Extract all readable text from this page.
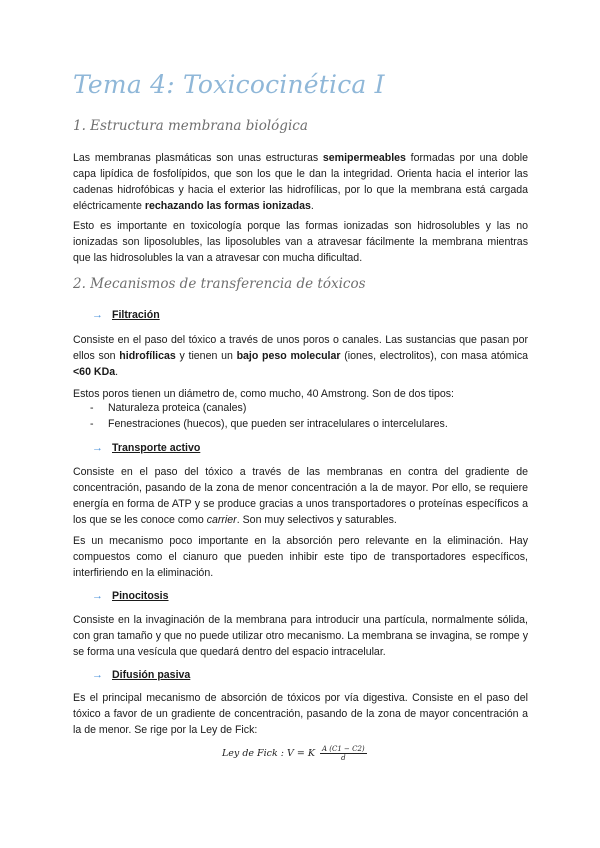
Tema 4: Toxicocinética I
1. Estructura membrana biológica
Las membranas plasmáticas son unas estructuras semipermeables formadas por una doble capa lipídica de fosfolípidos, que son los que le dan la integridad. Orienta hacia el interior las cadenas hidrofóbicas y hacia el exterior las hidrofílicas, por lo que la membrana está cargada eléctricamente rechazando las formas ionizadas.
Esto es importante en toxicología porque las formas ionizadas son hidrosolubles y las no ionizadas son liposolubles, las liposolubles van a atravesar fácilmente la membrana mientras que las hidrosolubles la van a atravesar con mucha dificultad.
2. Mecanismos de transferencia de tóxicos
→ Filtración
Consiste en el paso del tóxico a través de unos poros o canales. Las sustancias que pasan por ellos son hidrofílicas y tienen un bajo peso molecular (iones, electrolitos), con masa atómica <60 KDa.
Estos poros tienen un diámetro de, como mucho, 40 Amstrong. Son de dos tipos:
- Naturaleza proteica (canales)
- Fenestraciones (huecos), que pueden ser intracelulares o intercelulares.
→ Transporte activo
Consiste en el paso del tóxico a través de las membranas en contra del gradiente de concentración, pasando de la zona de menor concentración a la de mayor. Por ello, se requiere energía en forma de ATP y se produce gracias a unos transportadores o proteínas específicos a los que se les conoce como carrier. Son muy selectivos y saturables.
Es un mecanismo poco importante en la absorción pero relevante en la eliminación. Hay compuestos como el cianuro que pueden inhibir este tipo de transportadores específicos, interfiriendo en la eliminación.
→ Pinocitosis
Consiste en la invaginación de la membrana para introducir una partícula, normalmente sólida, con gran tamaño y que no puede utilizar otro mecanismo. La membrana se invagina, se rompe y se forma una vesícula que quedará dentro del espacio intracelular.
→ Difusión pasiva
Es el principal mecanismo de absorción de tóxicos por vía digestiva. Consiste en el paso del tóxico a favor de un gradiente de concentración, pasando de la zona de mayor concentración a la de menor. Se rige por la Ley de Fick:
Ley de Fick : V = K $\frac{A (C1 - C2)}{d}$
